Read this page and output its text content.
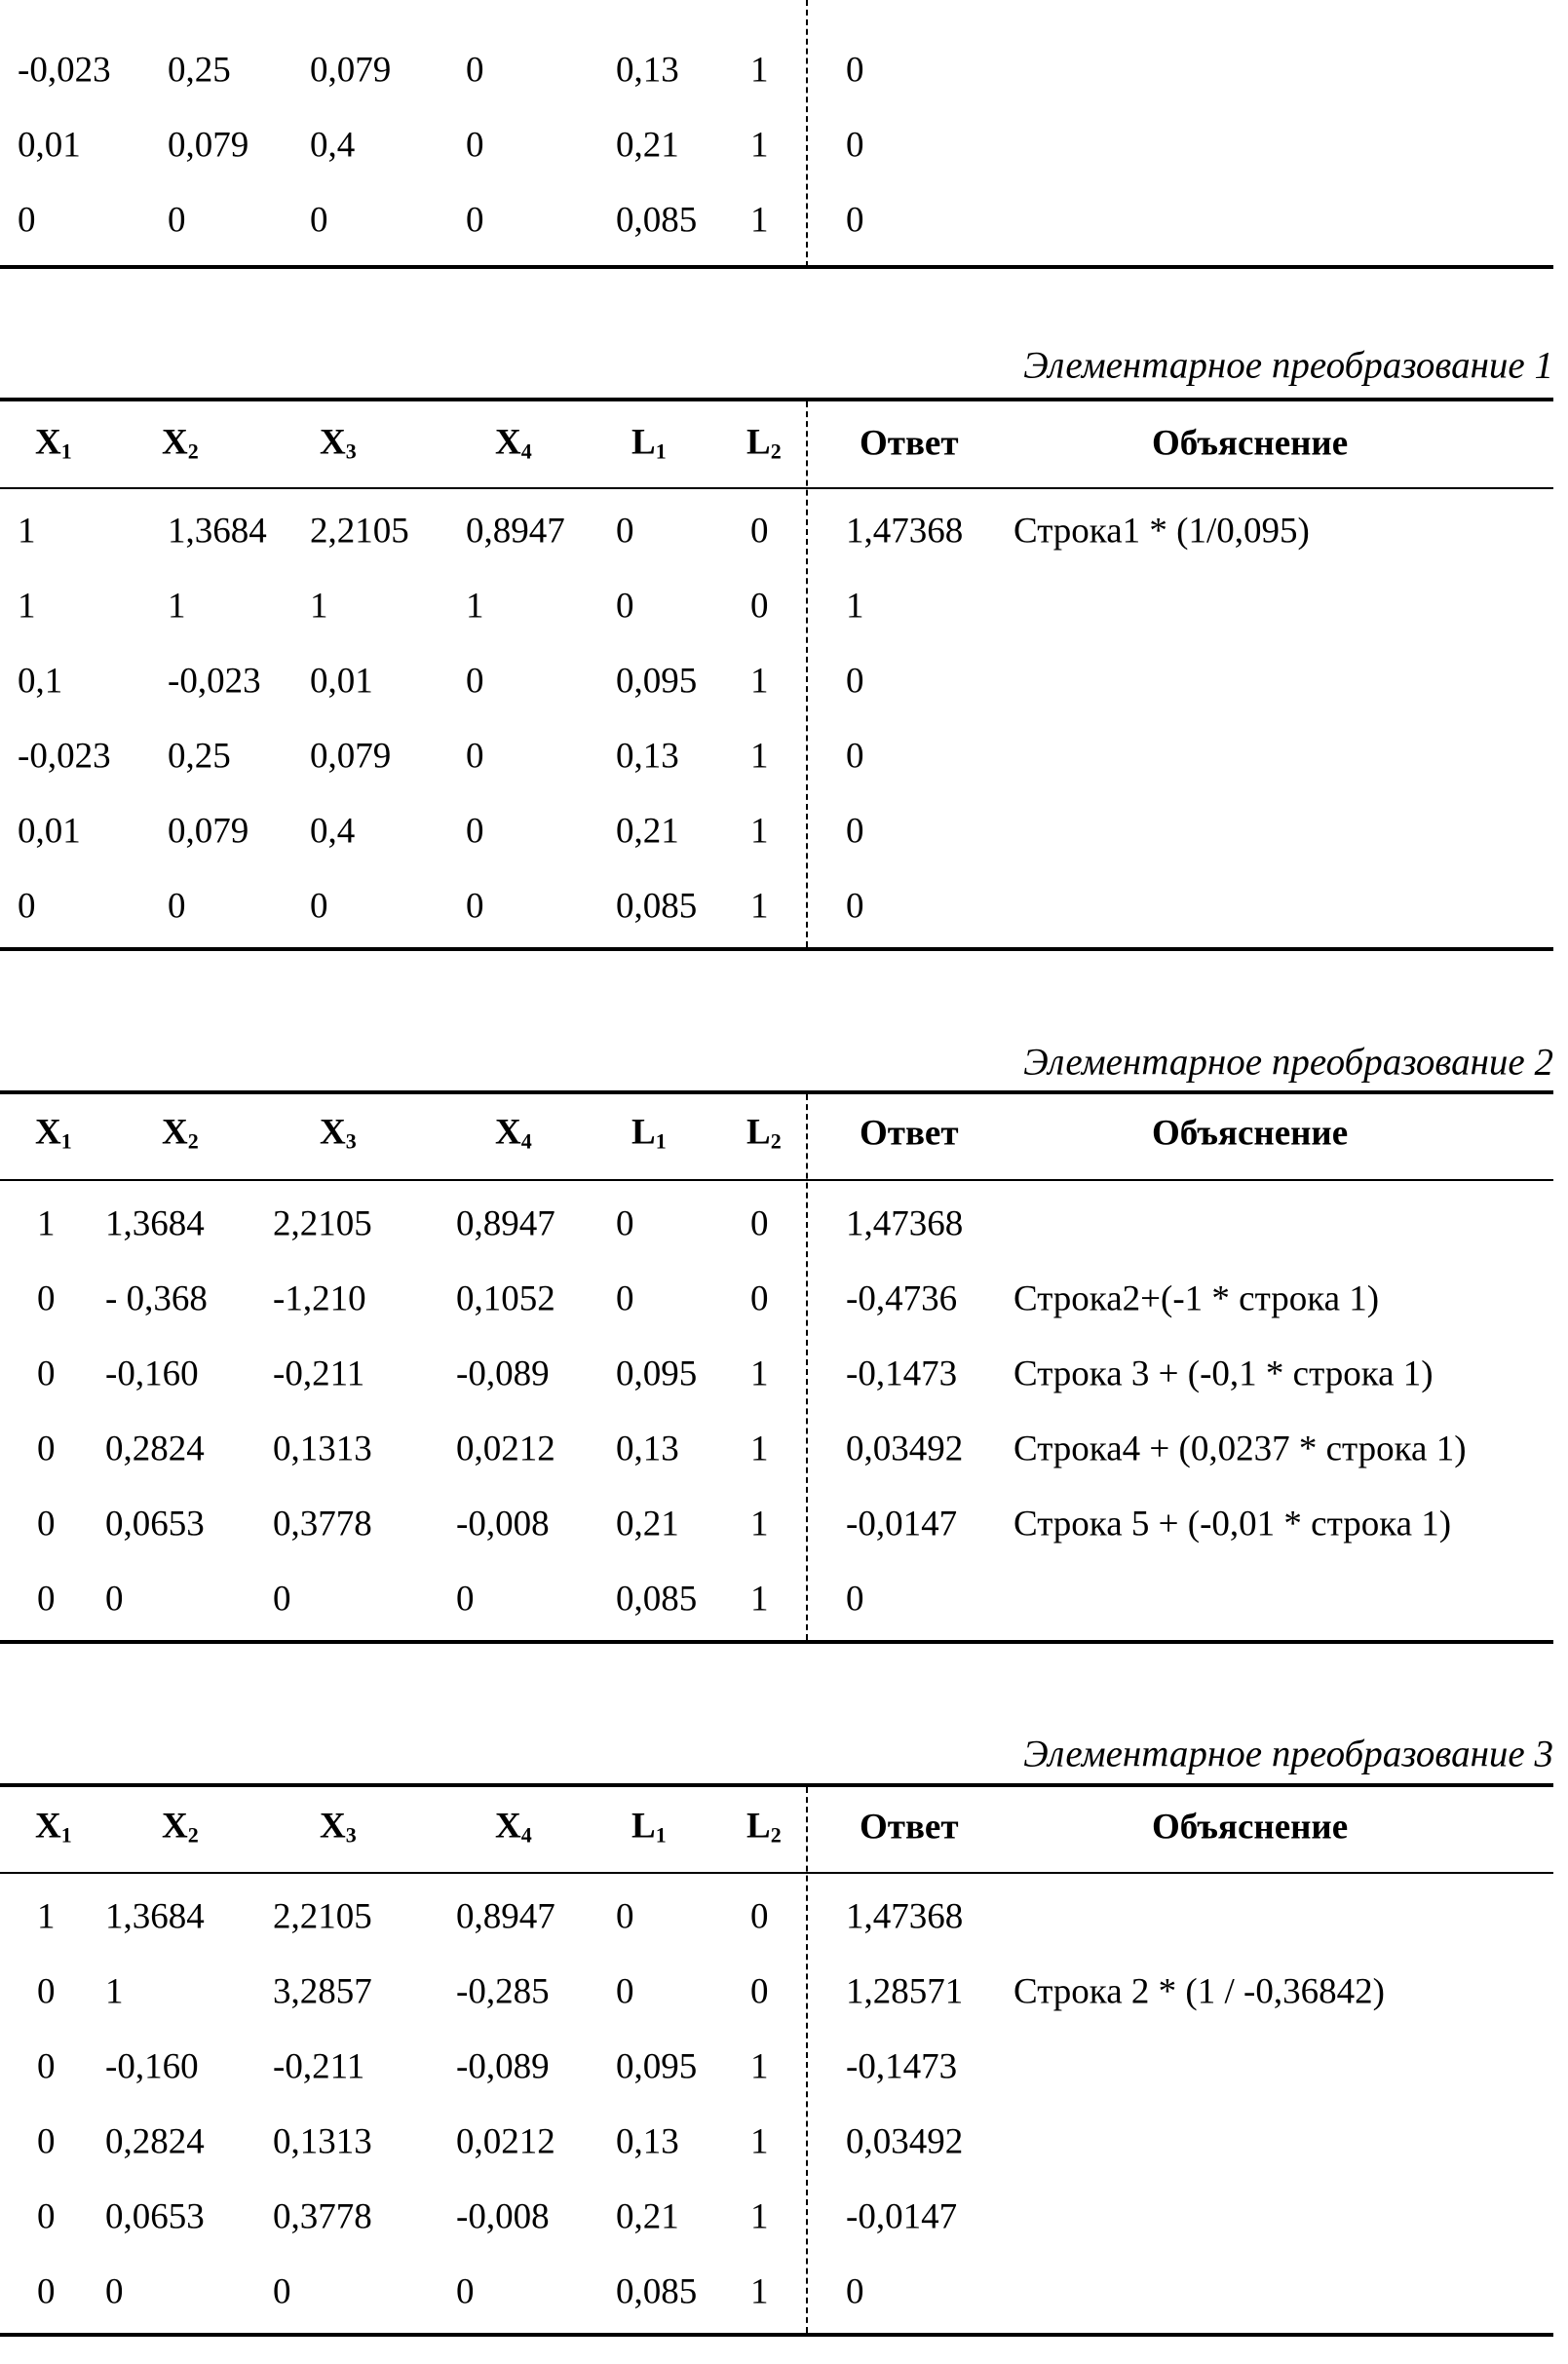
-0,023 0,25 0,079 0	0,13 1 0
0,01 0,079 0,4	0	0,21 1 0
0	0	0	0	0,085 1 0
Элементарное преобразование 1
$X_1$ $X_2$	$X_3$	$X_4$	$L_1$ $L_2$ Ответ	Объяснение
1	1,3684 2,2105 0,8947 0	0 1,47368 Строка1 * (1/0,095)
1	1	1	1	0	0 1
0,1	-0,023 0,01	0	0,095 1 0
-0,023 0,25 0,079 0	0,13 1 0
0,01 0,079 0,4	0	0,21 1 0
0	0	0	0	0,085 1 0
Элементарное преобразование 2
$X_1$ $X_2$	$X_3$	$X_4$	$L_1$ $L_2$ Ответ	Объяснение
1 1,3684 2,2105 0,8947 0	0 1,47368
0 - 0,368 -1,210 0,1052 0	0 -0,4736 Строка2+(-1 * строка 1)
0 -0,160 -0,211	-0,089 0,095 1 -0,1473 Строка 3 + (-0,1 * строка 1)
0 0,2824 0,1313 0,0212 0,13 1 0,03492 Строка4 + (0,0237 * строка 1)
0 0,0653 0,3778 -0,008 0,21 1 -0,0147 Строка 5 + (-0,01 * строка 1)
0 0	0	0	0,085 1 0
Элементарное преобразование 3
$X_1$ $X_2$	$X_3$	$X_4$	$L_1$ $L_2$ Ответ	Объяснение
1 1,3684 2,2105 0,8947 0	0 1,47368
0 1	3,2857 -0,285 0	0 1,28571 Строка 2 * (1 / -0,36842)
0 -0,160 -0,211	-0,089 0,095 1 -0,1473
0 0,2824 0,1313 0,0212 0,13 1 0,03492
0 0,0653 0,3778 -0,008 0,21 1 -0,0147
0 0	0	0	0,085 1 0
